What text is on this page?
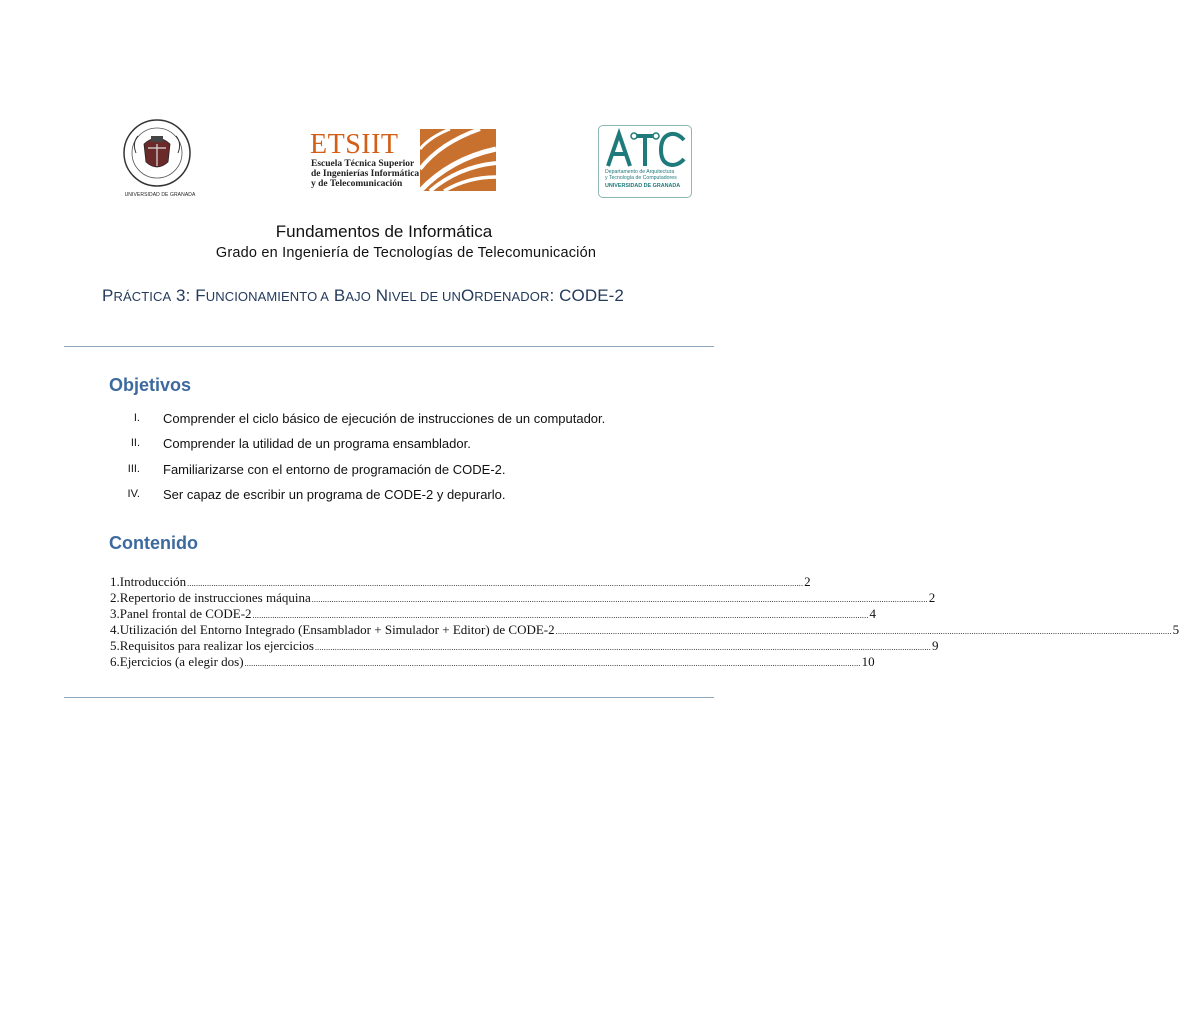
UNIVERSIDAD DE GRANADA
ETSIIT
Escuela Técnica Superior
de Ingenierías Informática
y de Telecomunicación
Departamento de Arquitectura
y Tecnología de Computadores
UNIVERSIDAD DE GRANADA
Fundamentos de Informática
Grado en Ingeniería de Tecnologías de Telecomunicación
PRÁCTICA 3: FUNCIONAMIENTO A BAJO NIVEL DE UNORDENADOR: CODE-2
Objetivos
I. Comprender el ciclo básico de ejecución de instrucciones de un computador.
II. Comprender la utilidad de un programa ensamblador.
III. Familiarizarse con el entorno de programación de CODE-2.
IV. Ser capaz de escribir un programa de CODE-2 y depurarlo.
Contenido
1. Introducción ........................................................................................................................................................................................................................................................................................ 2
2. Repertorio de instrucciones máquina ........................................................................................................................................................................................................................................................................................ 2
3. Panel frontal de CODE-2 ........................................................................................................................................................................................................................................................................................ 4
4. Utilización del Entorno Integrado (Ensamblador + Simulador + Editor) de CODE-2 ........................................................................................................................................................................................................................................................................................ 5
5. Requisitos para realizar los ejercicios ........................................................................................................................................................................................................................................................................................ 9
6. Ejercicios (a elegir dos) ........................................................................................................................................................................................................................................................................................ 10
